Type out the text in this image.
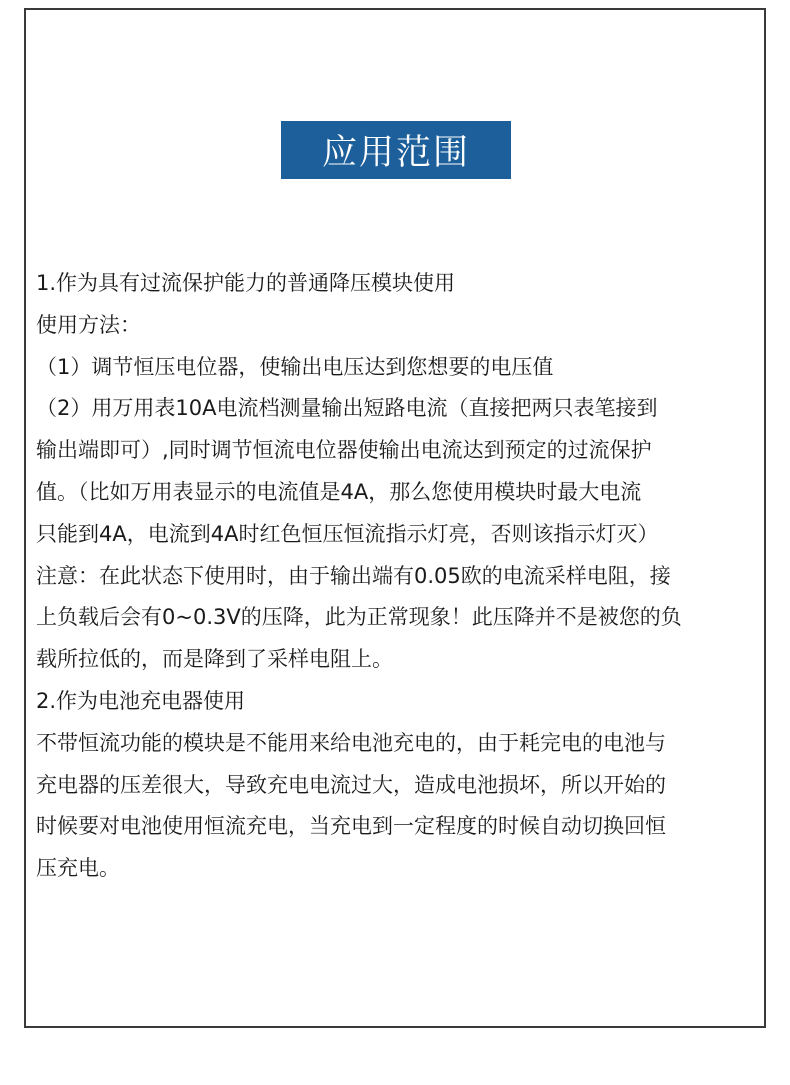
应用范围
1.作为具有过流保护能力的普通降压模块使用
使用方法：
（1）调节恒压电位器，使输出电压达到您想要的电压值
（2）用万用表10A电流档测量输出短路电流（直接把两只表笔接到
输出端即可）,同时调节恒流电位器使输出电流达到预定的过流保护
值。（比如万用表显示的电流值是4A，那么您使用模块时最大电流
只能到4A，电流到4A时红色恒压恒流指示灯亮，否则该指示灯灭）
注意：在此状态下使用时，由于输出端有0.05欧的电流采样电阻，接
上负载后会有0~0.3V的压降，此为正常现象！此压降并不是被您的负
载所拉低的，而是降到了采样电阻上。
2.作为电池充电器使用
不带恒流功能的模块是不能用来给电池充电的，由于耗完电的电池与
充电器的压差很大，导致充电电流过大，造成电池损坏，所以开始的
时候要对电池使用恒流充电，当充电到一定程度的时候自动切换回恒
压充电。
